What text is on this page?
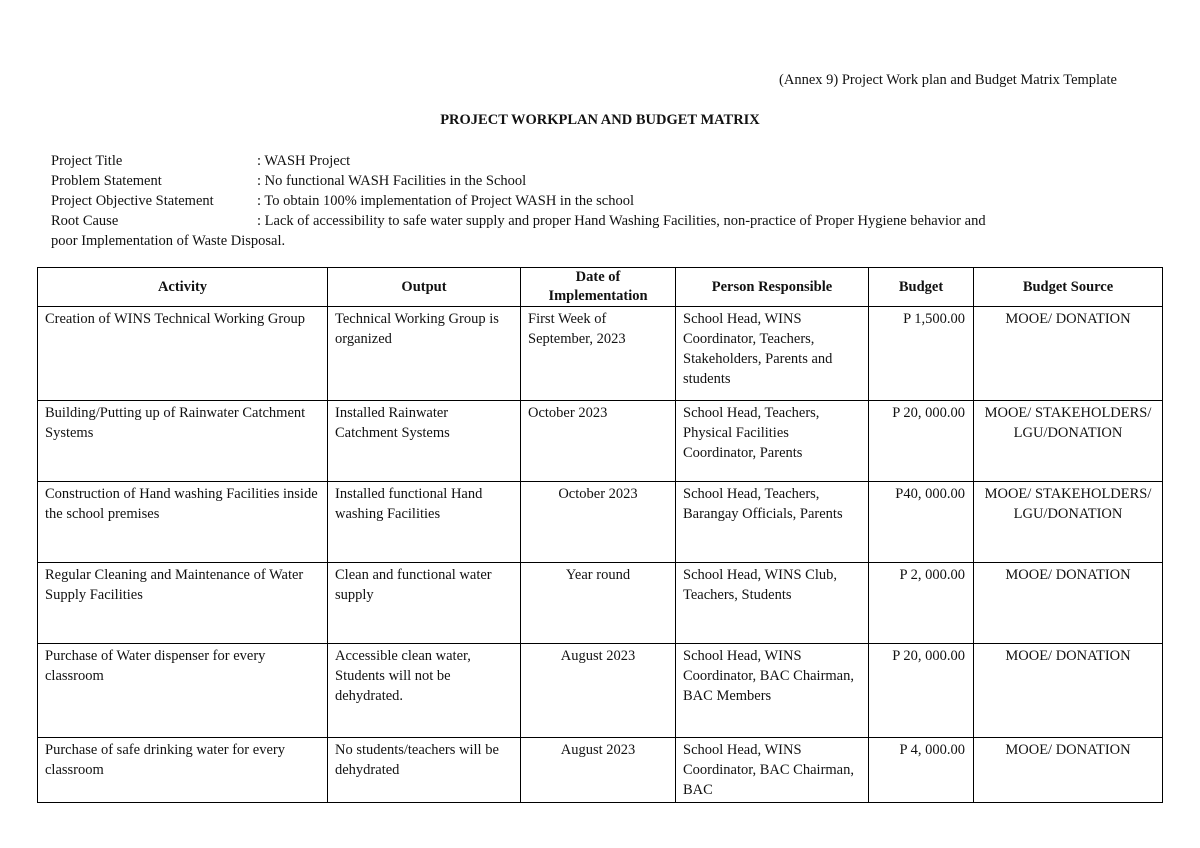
(Annex 9) Project Work plan and Budget Matrix Template
PROJECT WORKPLAN AND BUDGET MATRIX
Project Title	: WASH Project
Problem Statement	: No functional WASH Facilities in the School
Project Objective Statement	: To obtain 100% implementation of Project WASH in the school
Root Cause	: Lack of accessibility to safe water supply and proper Hand Washing Facilities, non-practice of Proper Hygiene behavior and
poor Implementation of Waste Disposal.
Activity	Output	Date of Implementation	Person Responsible	Budget	Budget Source
Creation of WINS Technical Working Group	Technical Working Group is organized	First Week of September, 2023	School Head, WINS Coordinator, Teachers, Stakeholders, Parents and students	P 1,500.00	MOOE/ DONATION
Building/Putting up of Rainwater Catchment Systems	Installed Rainwater Catchment Systems	October 2023	School Head, Teachers, Physical Facilities Coordinator, Parents	P 20, 000.00	MOOE/ STAKEHOLDERS/ LGU/DONATION
Construction of Hand washing Facilities inside the school premises	Installed functional Hand washing Facilities	October 2023	School Head, Teachers, Barangay Officials, Parents	P40, 000.00	MOOE/ STAKEHOLDERS/ LGU/DONATION
Regular Cleaning and Maintenance of Water Supply Facilities	Clean and functional water supply	Year round	School Head, WINS Club, Teachers, Students	P 2, 000.00	MOOE/ DONATION
Purchase of Water dispenser for every classroom	Accessible clean water, Students will not be dehydrated.	August 2023	School Head, WINS Coordinator, BAC Chairman, BAC Members	P 20, 000.00	MOOE/ DONATION
Purchase of safe drinking water for every classroom	No students/teachers will be dehydrated	August 2023	School Head, WINS Coordinator, BAC Chairman, BAC	P 4, 000.00	MOOE/ DONATION
